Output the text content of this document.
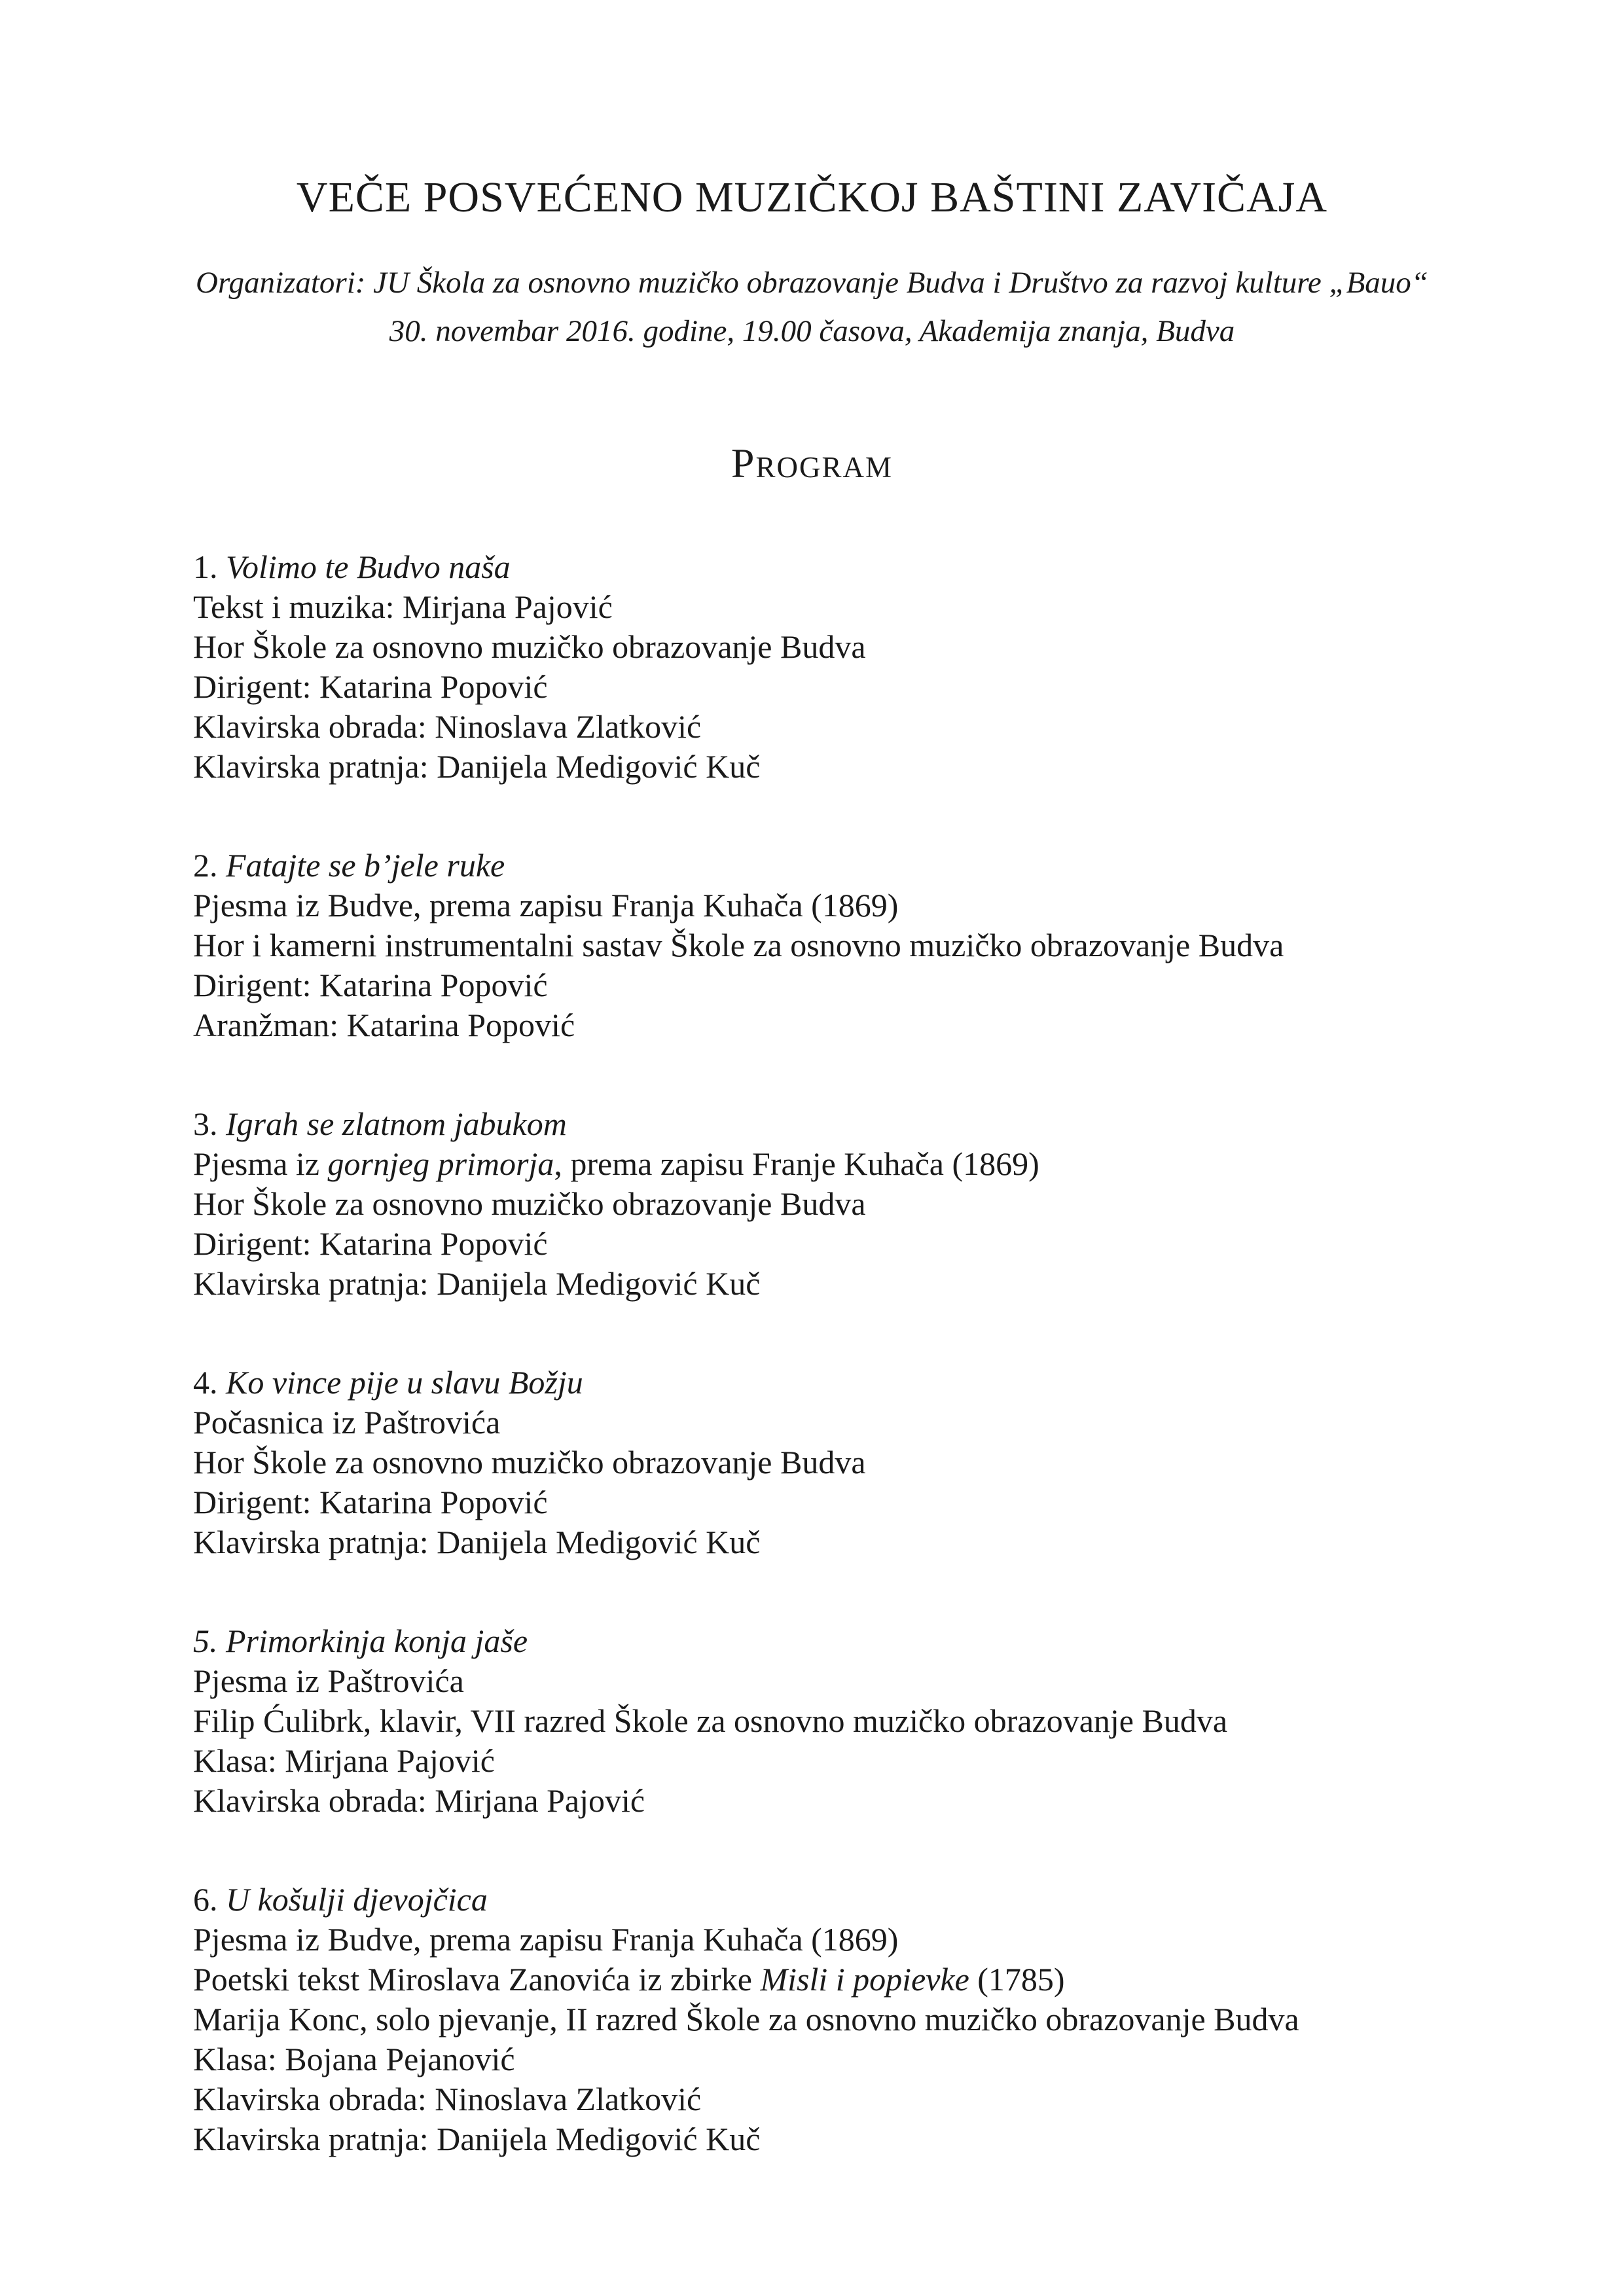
VEČE POSVEĆENO MUZIČKOJ BAŠTINI ZAVIČAJA
Organizatori: JU Škola za osnovno muzičko obrazovanje Budva i Društvo za razvoj kulture „Bauo“
30. novembar 2016. godine, 19.00 časova, Akademija znanja, Budva
Program
1. Volimo te Budvo naša
Tekst i muzika: Mirjana Pajović
Hor Škole za osnovno muzičko obrazovanje Budva
Dirigent: Katarina Popović
Klavirska obrada: Ninoslava Zlatković
Klavirska pratnja: Danijela Medigović Kuč
2. Fatajte se b’jele ruke
Pjesma iz Budve, prema zapisu Franja Kuhača (1869)
Hor i kamerni instrumentalni sastav Škole za osnovno muzičko obrazovanje Budva
Dirigent: Katarina Popović
Aranžman: Katarina Popović
3. Igrah se zlatnom jabukom
Pjesma iz gornjeg primorja, prema zapisu Franje Kuhača (1869)
Hor Škole za osnovno muzičko obrazovanje Budva
Dirigent: Katarina Popović
Klavirska pratnja: Danijela Medigović Kuč
4. Ko vince pije u slavu Božju
Počasnica iz Paštrovića
Hor Škole za osnovno muzičko obrazovanje Budva
Dirigent: Katarina Popović
Klavirska pratnja: Danijela Medigović Kuč
5. Primorkinja konja jaše
Pjesma iz Paštrovića
Filip Ćulibrk, klavir, VII razred Škole za osnovno muzičko obrazovanje Budva
Klasa: Mirjana Pajović
Klavirska obrada: Mirjana Pajović
6. U košulji djevojčica
Pjesma iz Budve, prema zapisu Franja Kuhača (1869)
Poetski tekst Miroslava Zanovića iz zbirke Misli i popievke (1785)
Marija Konc, solo pjevanje, II razred Škole za osnovno muzičko obrazovanje Budva
Klasa: Bojana Pejanović
Klavirska obrada: Ninoslava Zlatković
Klavirska pratnja: Danijela Medigović Kuč
